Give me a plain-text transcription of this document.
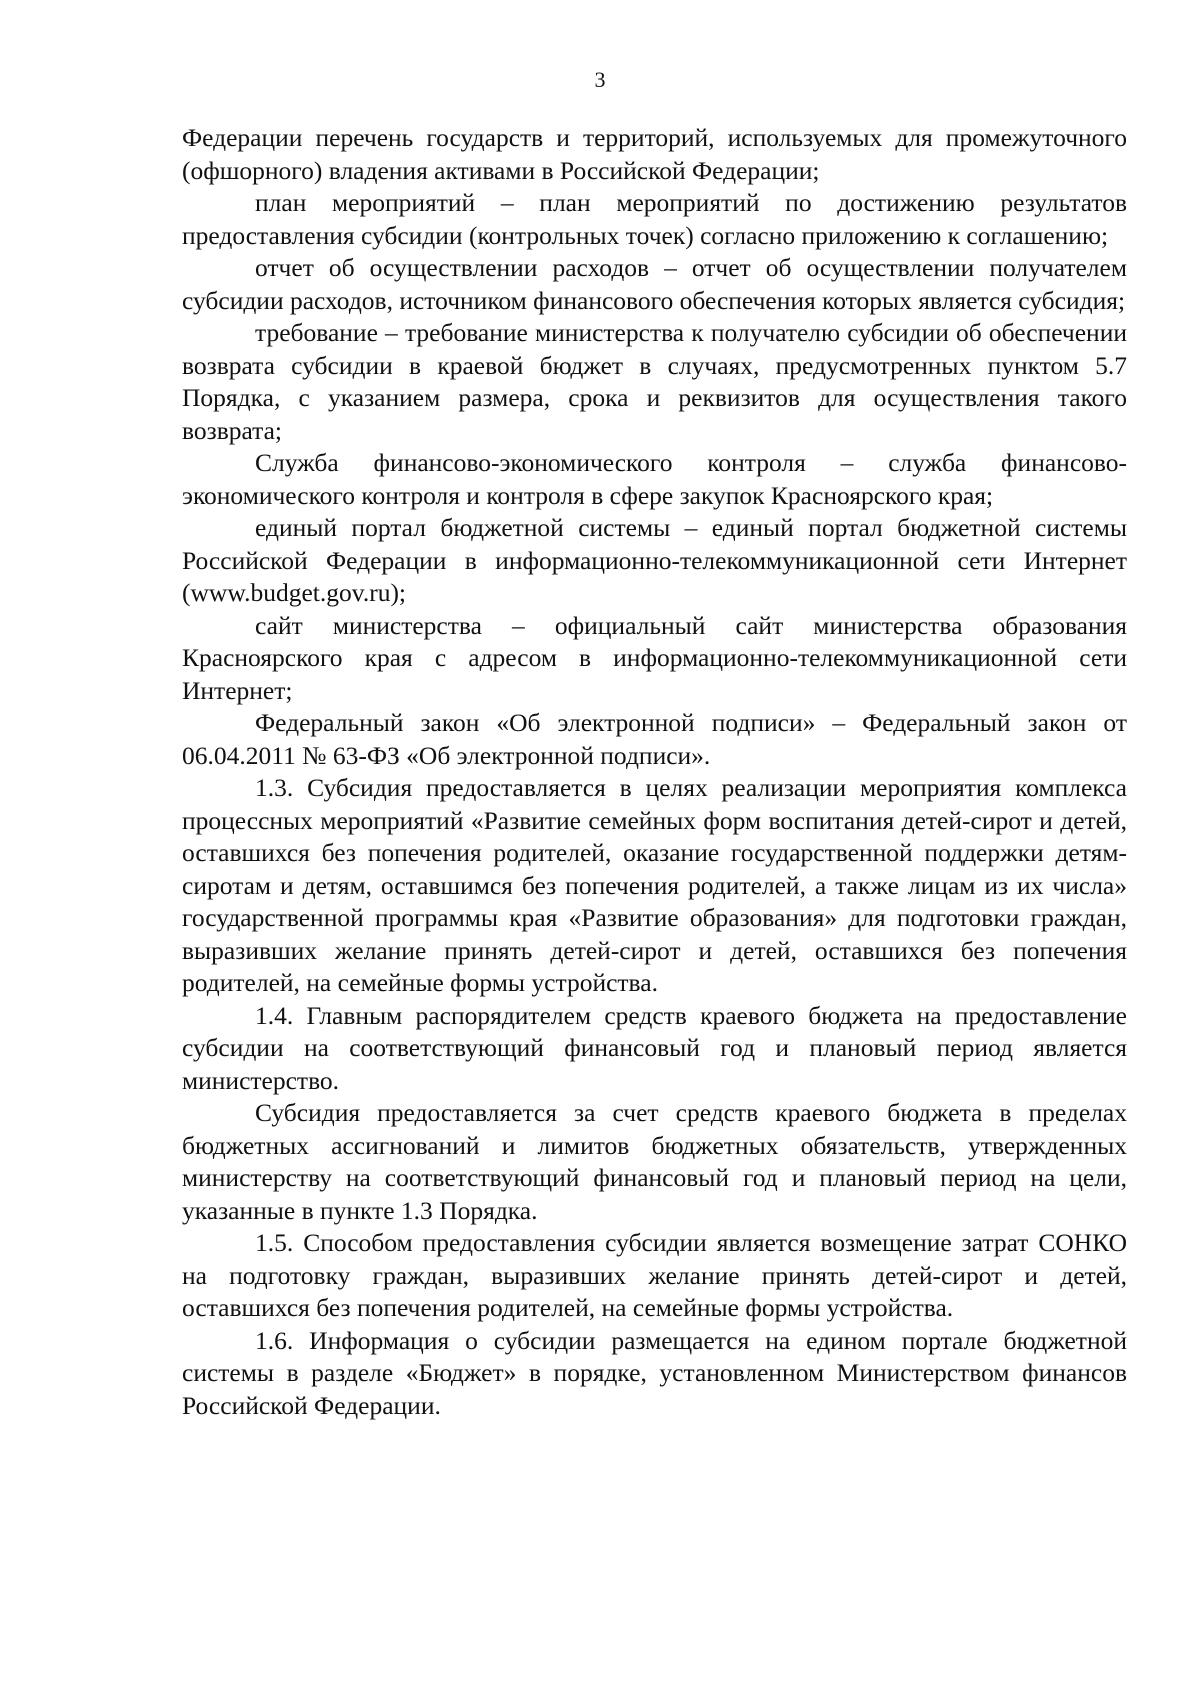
3

Федерации перечень государств и территорий, используемых для промежуточного (офшорного) владения активами в Российской Федерации;

план мероприятий – план мероприятий по достижению результатов предоставления субсидии (контрольных точек) согласно приложению к соглашению;

отчет об осуществлении расходов – отчет об осуществлении получателем субсидии расходов, источником финансового обеспечения которых является субсидия;

требование – требование министерства к получателю субсидии об обеспечении возврата субсидии в краевой бюджет в случаях, предусмотренных пунктом 5.7 Порядка, с указанием размера, срока и реквизитов для осуществления такого возврата;

Служба финансово-экономического контроля – служба финансово-экономического контроля и контроля в сфере закупок Красноярского края;

единый портал бюджетной системы – единый портал бюджетной системы Российской Федерации в информационно-телекоммуникационной сети Интернет (www.budget.gov.ru);

сайт министерства – официальный сайт министерства образования Красноярского края с адресом в информационно-телекоммуникационной сети Интернет;

Федеральный закон «Об электронной подписи» – Федеральный закон от 06.04.2011 № 63-ФЗ «Об электронной подписи».

1.3. Субсидия предоставляется в целях реализации мероприятия комплекса процессных мероприятий «Развитие семейных форм воспитания детей-сирот и детей, оставшихся без попечения родителей, оказание государственной поддержки детям-сиротам и детям, оставшимся без попечения родителей, а также лицам из их числа» государственной программы края «Развитие образования» для подготовки граждан, выразивших желание принять детей-сирот и детей, оставшихся без попечения родителей, на семейные формы устройства.

1.4. Главным распорядителем средств краевого бюджета на предоставление субсидии на соответствующий финансовый год и плановый период является министерство.

Субсидия предоставляется за счет средств краевого бюджета в пределах бюджетных ассигнований и лимитов бюджетных обязательств, утвержденных министерству на соответствующий финансовый год и плановый период на цели, указанные в пункте 1.3 Порядка.

1.5. Способом предоставления субсидии является возмещение затрат СОНКО на подготовку граждан, выразивших желание принять детей-сирот и детей, оставшихся без попечения родителей, на семейные формы устройства.

1.6. Информация о субсидии размещается на едином портале бюджетной системы в разделе «Бюджет» в порядке, установленном Министерством финансов Российской Федерации.
